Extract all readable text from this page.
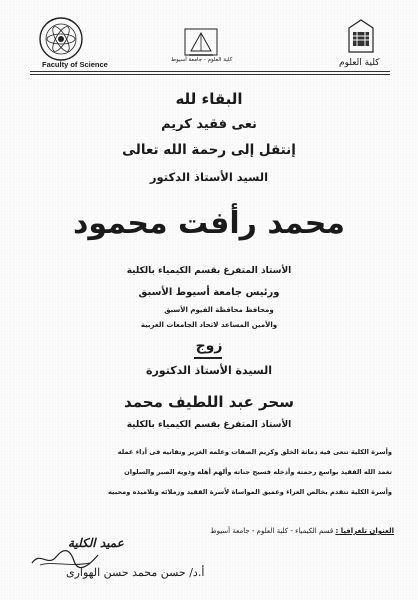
Faculty of Science	كلية العلوم - جامعة أسيوط	كلية العلوم
البقاء لله
نعى فقيد كريم
إنتقل إلى رحمة الله تعالى
السيد الأستاذ الدكتور
محمد رأفت محمود
الأستاذ المتفرغ بقسم الكيمياء بالكلية
ورئيس جامعة أسيوط الأسبق
ومحافظ محافظة الفيوم الأسبق
والأمين المساعد لاتحاد الجامعات العربية
زوج
السيدة الأستاذ الدكتورة
سحر عبد اللطيف محمد
الأستاذ المتفرغ بقسم الكيمياء بالكلية
وأسرة الكلية تنعى فيه دماثة الخلق وكريم الصفات وعلمه الغزير وتفانيه فى أداء عمله
تغمد الله الفقيد بواسع رحمته وأدخله فسيح جناته وألهم أهله وذويه الصبر والسلوان
وأسرة الكلية تتقدم بخالص العزاء وعميق المواساة لأسرة الفقيد وزملائه وتلاميذه ومحبيه
العنوان تلغرافيا : قسم الكيمياء - كلية العلوم - جامعة أسيوط
عميد الكلية
أ.د/ حسن محمد حسن الهوارى
